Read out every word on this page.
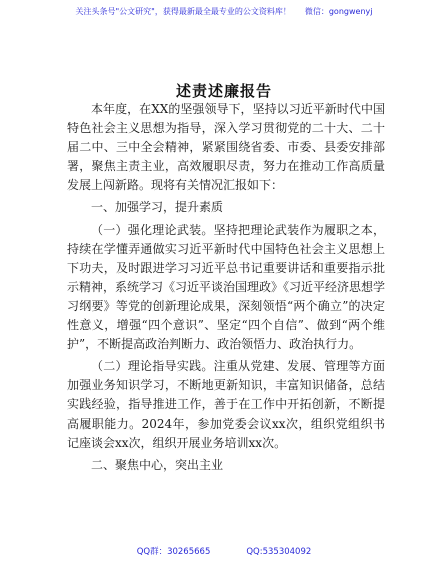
关注头条号"公文研究"，获得最新最全最专业的公文资料库！ 微信：gongwenyj
述责述廉报告

本年度，在XX的坚强领导下，坚持以习近平新时代中国特色社会主义思想为指导，深入学习贯彻党的二十大、二十届二中、三中全会精神，紧紧围绕省委、市委、县委安排部署，聚焦主责主业，高效履职尽责，努力在推动工作高质量发展上闯新路。现将有关情况汇报如下：

一、加强学习，提升素质

（一）强化理论武装。坚持把理论武装作为履职之本，持续在学懂弄通做实习近平新时代中国特色社会主义思想上下功夫，及时跟进学习习近平总书记重要讲话和重要指示批示精神，系统学习《习近平谈治国理政》《习近平经济思想学习纲要》等党的创新理论成果，深刻领悟“两个确立”的决定性意义，增强“四个意识”、坚定“四个自信”、做到“两个维护”，不断提高政治判断力、政治领悟力、政治执行力。

（二）理论指导实践。注重从党建、发展、管理等方面加强业务知识学习，不断地更新知识，丰富知识储备，总结实践经验，指导推进工作，善于在工作中开拓创新，不断提高履职能力。2024年，参加党委会议xx次，组织党组织书记座谈会xx次，组织开展业务培训xx次。

二、聚焦中心，突出主业

QQ群：30265665	QQ:535304092
